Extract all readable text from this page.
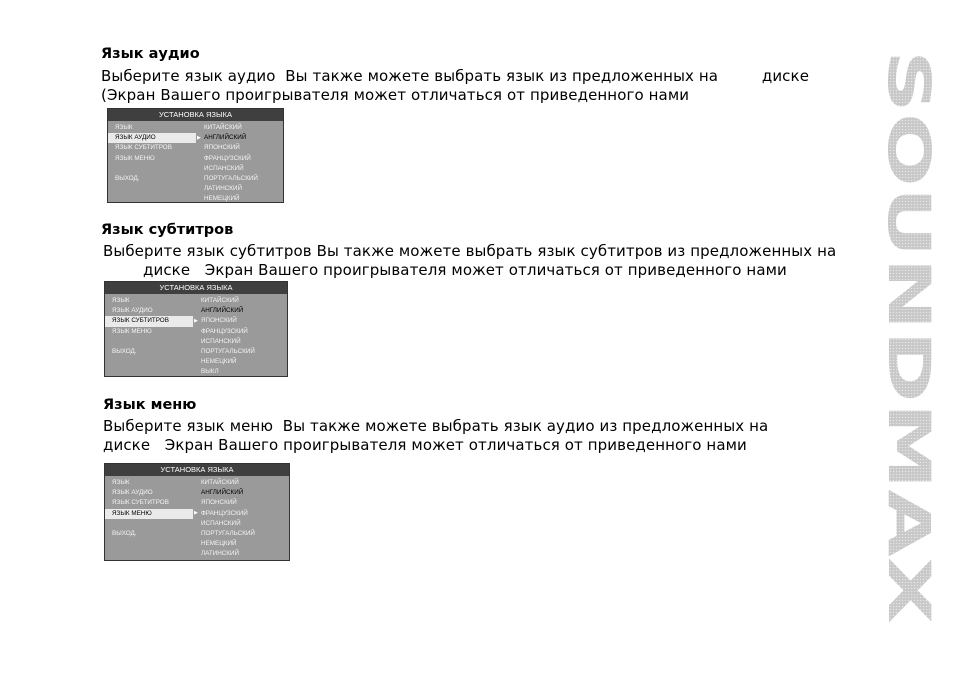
Язык аудио
Выберите язык аудио  Вы также можете выбрать язык из предложенных на         диске
(Экран Вашего проигрывателя может отличаться от приведенного нами
УСТАНОВКА ЯЗЫКА
ЯЗЫК
ЯЗЫК АУДИО
ЯЗЫК СУБТИТРОВ
ЯЗЫК МЕНЮ
ВЫХОД.
▶
КИТАЙСКИЙ
АНГЛИЙСКИЙ
ЯПОНСКИЙ
ФРАНЦУЗСКИЙ
ИСПАНСКИЙ
ПОРТУГАЛЬСКИЙ
ЛАТИНСКИЙ
НЕМЕЦКИЙ
Язык субтитров
Выберите язык субтитров Вы также можете выбрать язык субтитров из предложенных на
диске   Экран Вашего проигрывателя может отличаться от приведенного нами
УСТАНОВКА ЯЗЫКА
ЯЗЫК
ЯЗЫК АУДИО
ЯЗЫК СУБТИТРОВ
ЯЗЫК МЕНЮ
ВЫХОД.
▶
КИТАЙСКИЙ
АНГЛИЙСКИЙ
ЯПОНСКИЙ
ФРАНЦУЗСКИЙ
ИСПАНСКИЙ
ПОРТУГАЛЬСКИЙ
НЕМЕЦКИЙ
ВЫКЛ
Язык меню
Выберите язык меню  Вы также можете выбрать язык аудио из предложенных на
диске   Экран Вашего проигрывателя может отличаться от приведенного нами
УСТАНОВКА ЯЗЫКА
ЯЗЫК
ЯЗЫК АУДИО
ЯЗЫК СУБТИТРОВ
ЯЗЫК МЕНЮ
ВЫХОД.
▶
КИТАЙСКИЙ
АНГЛИЙСКИЙ
ЯПОНСКИЙ
ФРАНЦУЗСКИЙ
ИСПАНСКИЙ
ПОРТУГАЛЬСКИЙ
НЕМЕЦКИЙ
ЛАТИНСКИЙ
SOUNDMAX
